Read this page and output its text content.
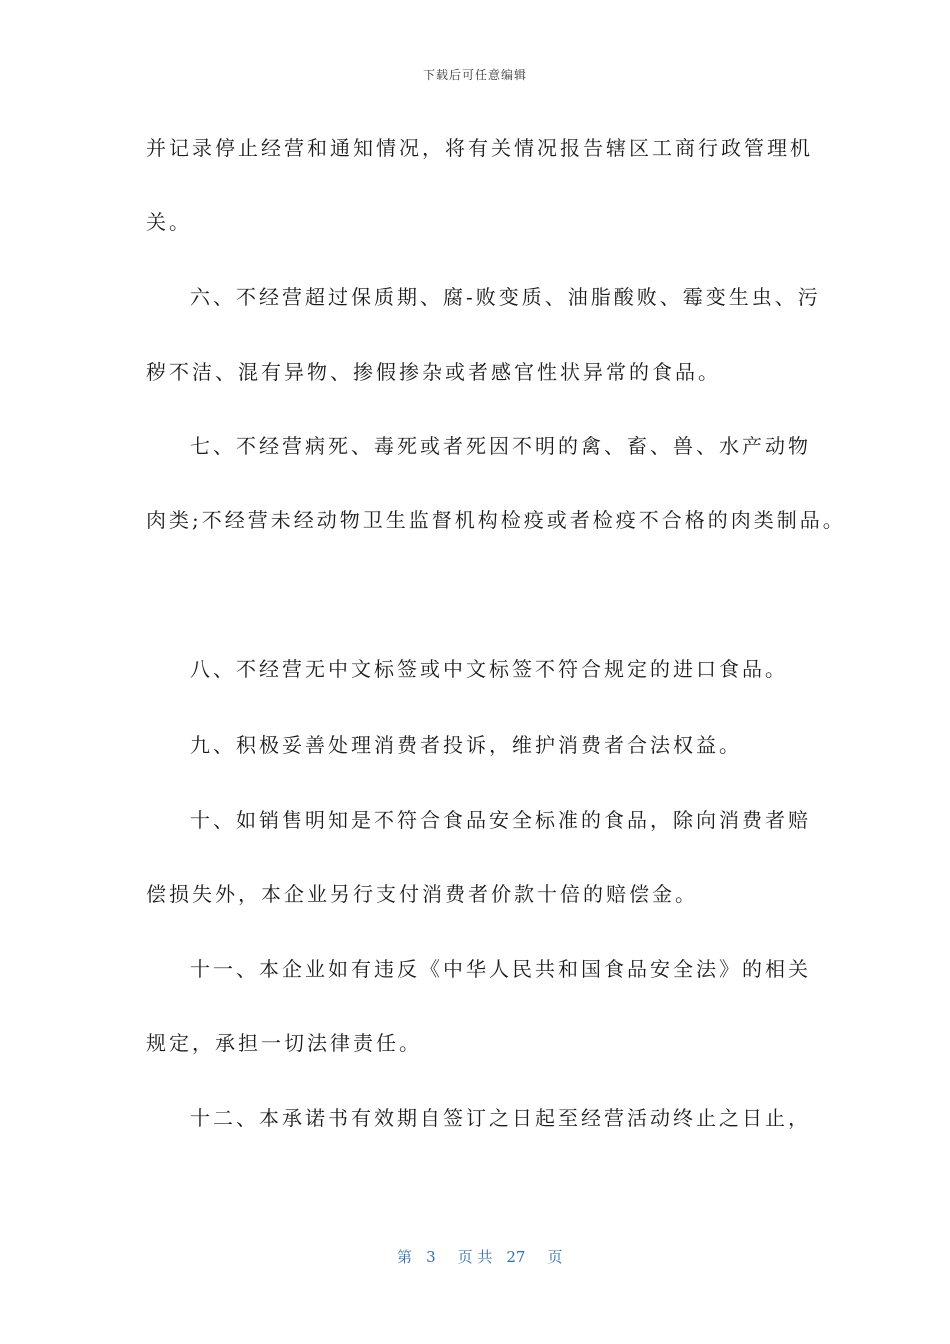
下载后可任意编辑
并记录停止经营和通知情况，将有关情况报告辖区工商行政管理机
关。
六、不经营超过保质期、腐-败变质、油脂酸败、霉变生虫、污
秽不洁、混有异物、掺假掺杂或者感官性状异常的食品。
七、不经营病死、毒死或者死因不明的禽、畜、兽、水产动物
肉类;不经营未经动物卫生监督机构检疫或者检疫不合格的肉类制品。
八、不经营无中文标签或中文标签不符合规定的进口食品。
九、积极妥善处理消费者投诉，维护消费者合法权益。
十、如销售明知是不符合食品安全标准的食品，除向消费者赔
偿损失外，本企业另行支付消费者价款十倍的赔偿金。
十一、本企业如有违反《中华人民共和国食品安全法》的相关
规定，承担一切法律责任。
十二、本承诺书有效期自签订之日起至经营活动终止之日止，

第 3 页 共 27 页
